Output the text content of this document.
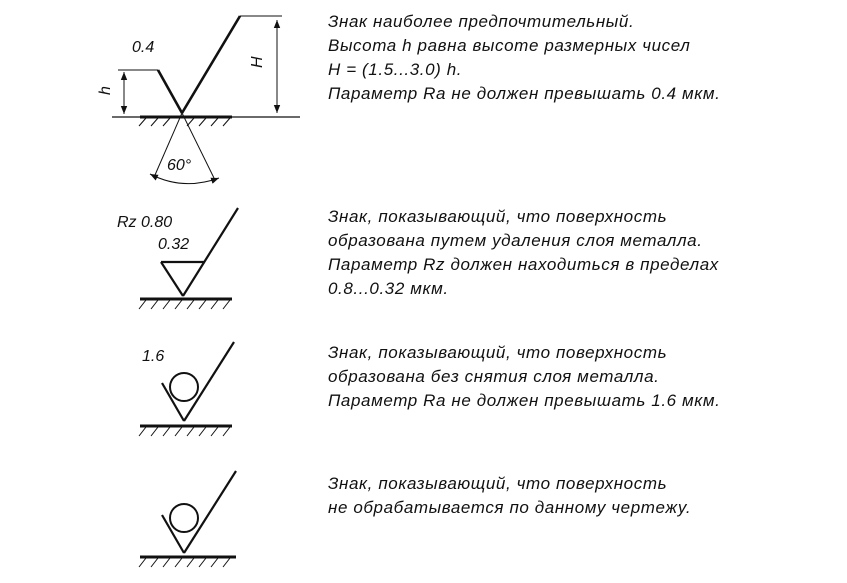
0.4
h
H
60°
Rz 0.80
0.32
1.6
Знак наиболее предпочтительный.
Высота h равна высоте размерных чисел
H = (1.5...3.0) h.
Параметр Ra не должен превышать 0.4 мкм.
Знак, показывающий, что поверхность
образована путем удаления слоя металла.
Параметр Rz должен находиться в пределах
0.8...0.32 мкм.
Знак, показывающий, что поверхность
образована без снятия слоя металла.
Параметр Ra не должен превышать 1.6 мкм.
Знак, показывающий, что поверхность
не обрабатывается по данному чертежу.
